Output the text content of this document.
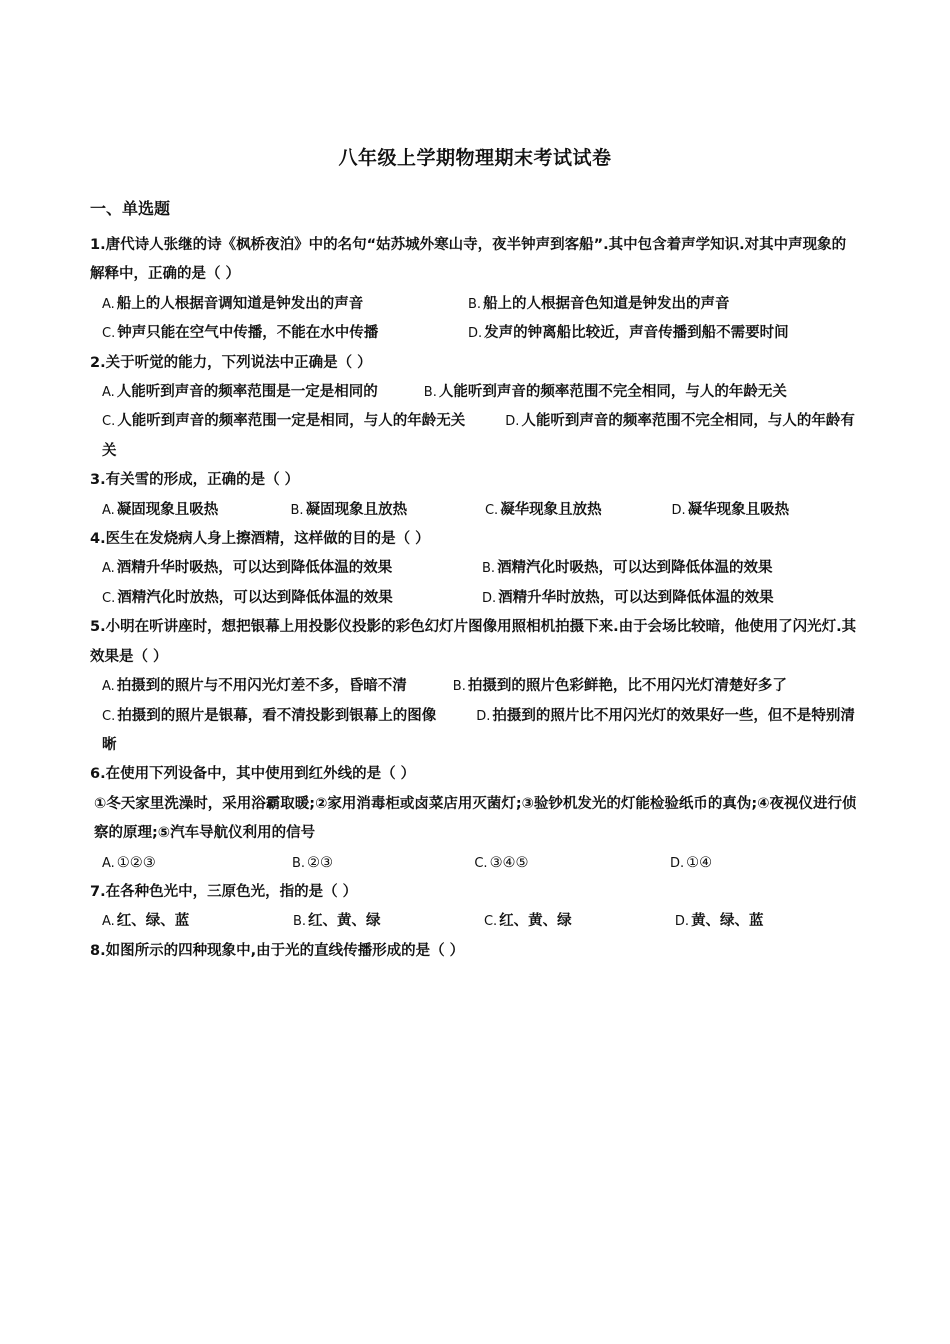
八年级上学期物理期末考试试卷
一、单选题

1.唐代诗人张继的诗《枫桥夜泊》中的名句“姑苏城外寒山寺，夜半钟声到客船”.其中包含着声学知识.对其中声现象的解释中，正确的是（ ）

A. 船上的人根据音调知道是钟发出的声音	B. 船上的人根据音色知道是钟发出的声音
C. 钟声只能在空气中传播，不能在水中传播	D. 发声的钟离船比较近，声音传播到船不需要时间

2.关于听觉的能力，下列说法中正确是（ ）

A. 人能听到声音的频率范围是一定是相同的	B. 人能听到声音的频率范围不完全相同，与人的年龄无关
C. 人能听到声音的频率范围一定是相同，与人的年龄无关	D. 人能听到声音的频率范围不完全相同，与人的年龄有关

3.有关雪的形成，正确的是（ ）

A. 凝固现象且吸热	B. 凝固现象且放热	C. 凝华现象且放热	D. 凝华现象且吸热

4.医生在发烧病人身上擦酒精，这样做的目的是（ ）

A. 酒精升华时吸热，可以达到降低体温的效果	B. 酒精汽化时吸热，可以达到降低体温的效果
C. 酒精汽化时放热，可以达到降低体温的效果	D. 酒精升华时放热，可以达到降低体温的效果

5.小明在听讲座时，想把银幕上用投影仪投影的彩色幻灯片图像用照相机拍摄下来.由于会场比较暗，他使用了闪光灯.其效果是（ ）

A. 拍摄到的照片与不用闪光灯差不多，昏暗不清	B. 拍摄到的照片色彩鲜艳，比不用闪光灯清楚好多了
C. 拍摄到的照片是银幕，看不清投影到银幕上的图像	D. 拍摄到的照片比不用闪光灯的效果好一些，但不是特别清晰

6.在使用下列设备中，其中使用到红外线的是（ ）

①冬天家里洗澡时，采用浴霸取暖;②家用消毒柜或卤菜店用灭菌灯;③验钞机发光的灯能检验纸币的真伪;④夜视仪进行侦察的原理;⑤汽车导航仪利用的信号

A. ①②③	B. ②③	C. ③④⑤	D. ①④

7.在各种色光中，三原色光，指的是（ ）

A. 红、绿、蓝	B. 红、黄、绿	C. 红、黄、绿	D. 黄、绿、蓝

8.如图所示的四种现象中,由于光的直线传播形成的是（ ）
